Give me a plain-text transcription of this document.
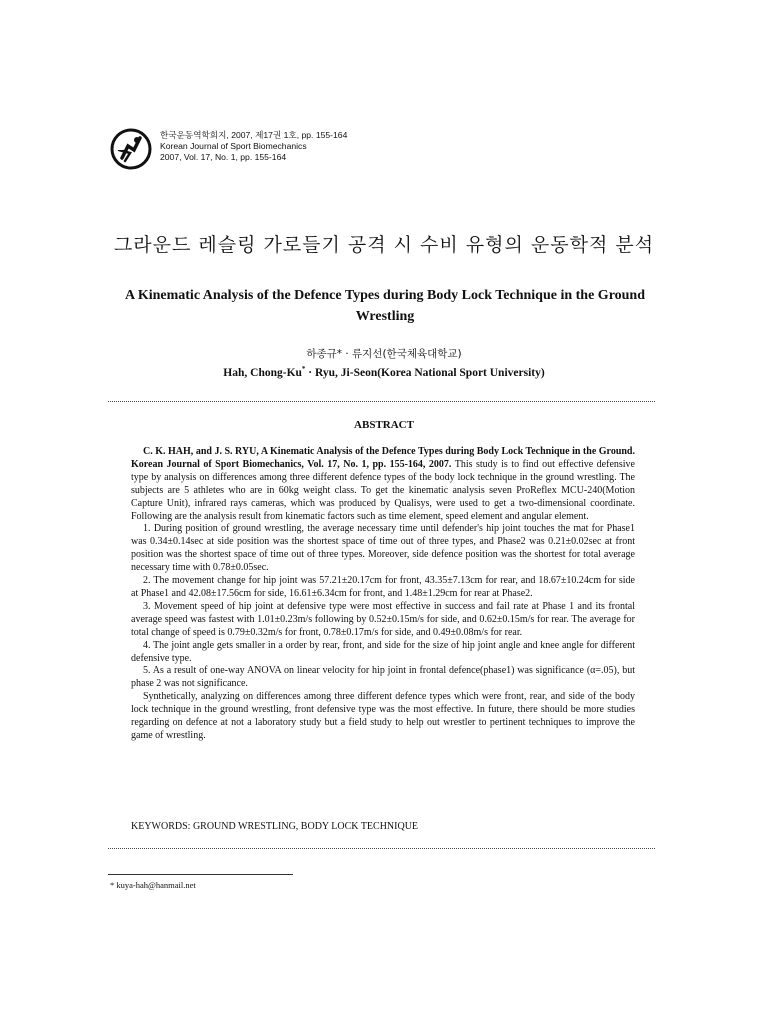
한국운동역학회지, 2007, 제17권 1호, pp. 155-164
Korean Journal of Sport Biomechanics
2007, Vol. 17, No. 1, pp. 155-164
그라운드 레슬링 가로들기 공격 시 수비 유형의 운동학적 분석
A Kinematic Analysis of the Defence Types during Body Lock Technique in the Ground Wrestling
하종규* · 류지선(한국체육대학교)
Hah, Chong-Ku* · Ryu, Ji-Seon(Korea National Sport University)
ABSTRACT

C. K. HAH, and J. S. RYU, A Kinematic Analysis of the Defence Types during Body Lock Technique in the Ground. Korean Journal of Sport Biomechanics, Vol. 17, No. 1, pp. 155-164, 2007. This study is to find out effective defensive type by analysis on differences among three different defence types of the body lock technique in the ground wrestling. The subjects are 5 athletes who are in 60kg weight class. To get the kinematic analysis seven ProReflex MCU-240(Motion Capture Unit), infrared rays cameras, which was produced by Qualisys, were used to get a two-dimensional coordinate. Following are the analysis result from kinematic factors such as time element, speed element and angular element.

1. During position of ground wrestling, the average necessary time until defender's hip joint touches the mat for Phase1 was 0.34±0.14sec at side position was the shortest space of time out of three types, and Phase2 was 0.21±0.02sec at front position was the shortest space of time out of three types. Moreover, side defence position was the shortest for total average necessary time with 0.78±0.05sec.

2. The movement change for hip joint was 57.21±20.17cm for front, 43.35±7.13cm for rear, and 18.67±10.24cm for side at Phase1 and 42.08±17.56cm for side, 16.61±6.34cm for front, and 1.48±1.29cm for rear at Phase2.

3. Movement speed of hip joint at defensive type were most effective in success and fail rate at Phase 1 and its frontal average speed was fastest with 1.01±0.23m/s following by 0.52±0.15m/s for side, and 0.62±0.15m/s for rear. The average for total change of speed is 0.79±0.32m/s for front, 0.78±0.17m/s for side, and 0.49±0.08m/s for rear.

4. The joint angle gets smaller in a order by rear, front, and side for the size of hip joint angle and knee angle for different defensive type.

5. As a result of one-way ANOVA on linear velocity for hip joint in frontal defence(phase1) was significance (α=.05), but phase 2 was not significance.

Synthetically, analyzing on differences among three different defence types which were front, rear, and side of the body lock technique in the ground wrestling, front defensive type was the most effective. In future, there should be more studies regarding on defence at not a laboratory study but a field study to help out wrestler to pertinent techniques to improve the game of wrestling.

KEYWORDS: GROUND WRESTLING, BODY LOCK TECHNIQUE
* kuya-hah@hanmail.net
